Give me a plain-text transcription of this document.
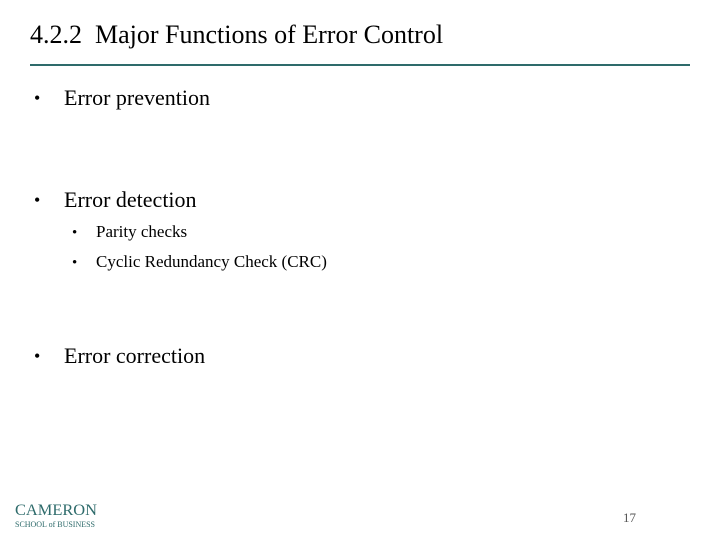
4.2.2  Major Functions of Error Control
• Error prevention
• Error detection
• Parity checks
• Cyclic Redundancy Check (CRC)
• Error correction
CAMERON
SCHOOL of BUSINESS	17
